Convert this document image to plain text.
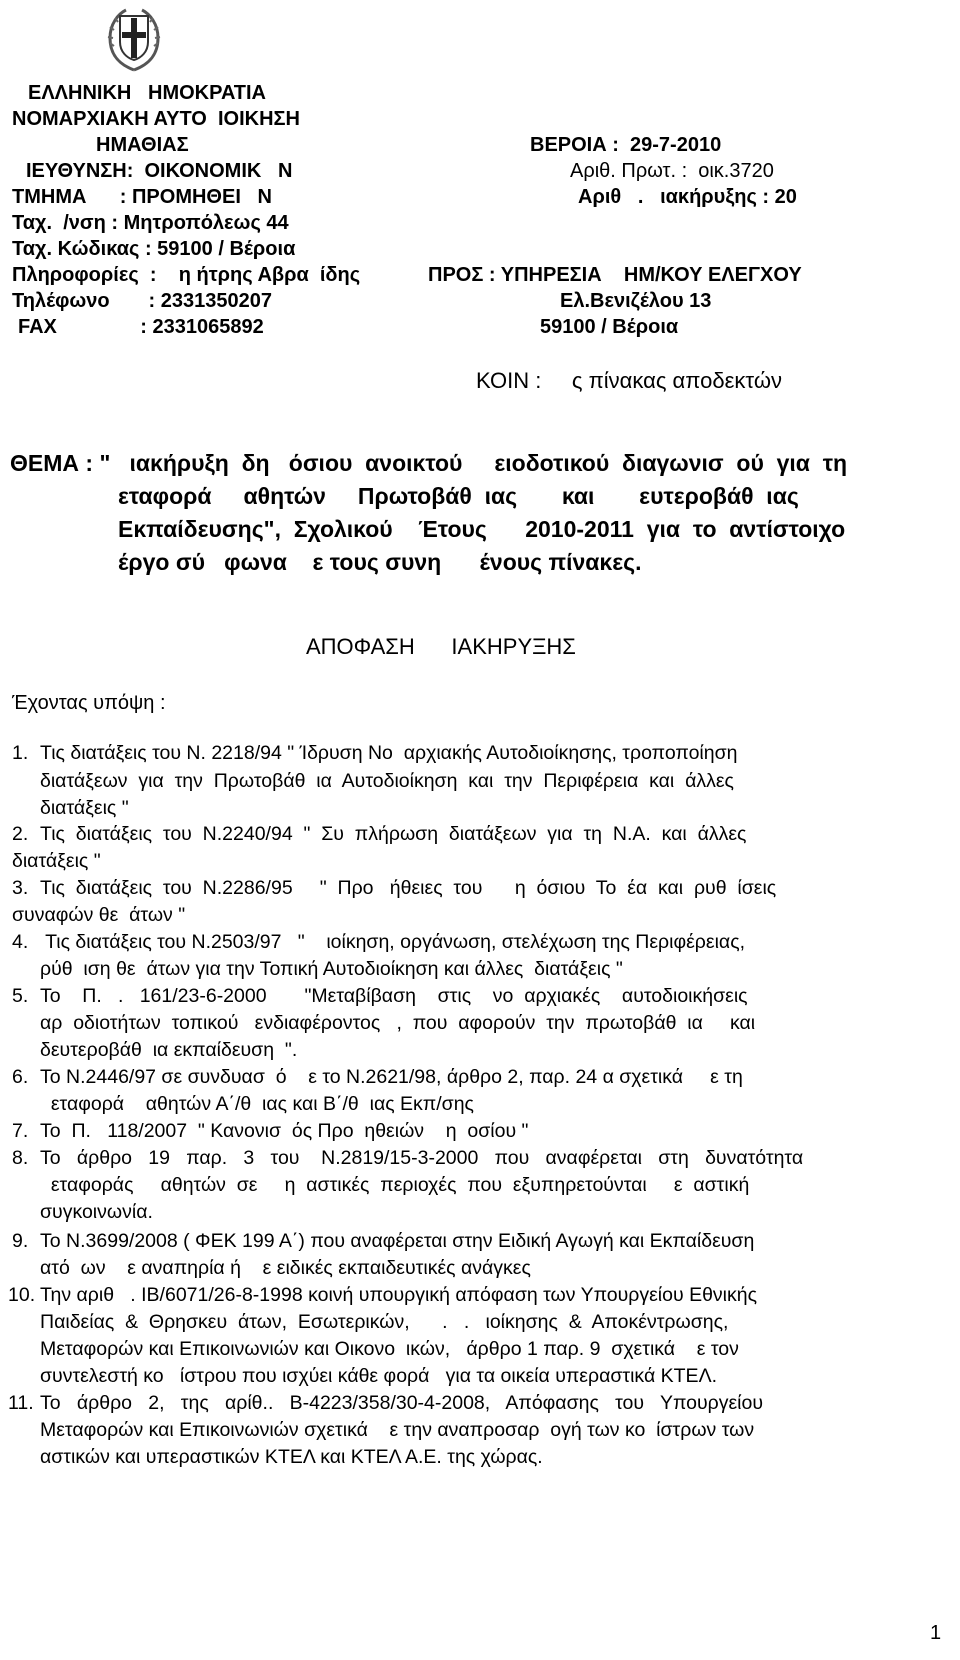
ΕΛΛΗΝΙΚΗ   ΗΜΟΚΡΑΤΙΑ
ΝΟΜΑΡΧΙΑΚΗ ΑΥΤΟ  ΙΟΙΚΗΣΗ
ΗΜΑΘΙΑΣ
ΙΕΥΘΥΝΣΗ:  ΟΙΚΟΝΟΜΙΚ   Ν
ΤΜΗΜΑ      : ΠΡΟΜΗΘΕΙ   Ν
Ταχ.  /νση : Μητροπόλεως 44
Ταχ. Κώδικας : 59100 / Βέροια
Πληροφορίες  :    η ήτρης Αβρα  ίδης
Τηλέφωνο       : 2331350207
FAX               : 2331065892
ΒΕΡΟΙΑ :  29-7-2010
Αριθ. Πρωτ. :  οικ.3720
Αριθ   .   ιακήρυξης : 20
ΠΡΟΣ : ΥΠΗΡΕΣΙΑ    ΗΜ/ΚΟΥ ΕΛΕΓΧΟΥ
Ελ.Βενιζέλου 13
59100 / Βέροια
ΚΟΙΝ :     ς πίνακας αποδεκτών
ΘΕΜΑ : "   ιακήρυξη  δη   όσιου  ανοικτού     ειοδοτικού  διαγωνισ  ού  για  τη
εταφορά     αθητών     Πρωτοβάθ  ιας       και       ευτεροβάθ  ιας
Εκπαίδευσης",  Σχολικού    Έτους      2010-2011  για  το  αντίστοιχο
έργο σύ   φωνα    ε τους συνη      ένους πίνακες.
ΑΠΟΦΑΣΗ      ΙΑΚΗΡΥΞΗΣ
Έχοντας υπόψη :
1. Τις διατάξεις του Ν. 2218/94 " Ίδρυση Νο  αρχιακής Αυτοδιοίκησης, τροποποίηση
διατάξεων  για  την  Πρωτοβάθ  ια  Αυτοδιοίκηση  και  την  Περιφέρεια  και  άλλες
διατάξεις "
2. Τις  διατάξεις  του  Ν.2240/94  "  Συ  πλήρωση  διατάξεων  για  τη  Ν.Α.  και  άλλες
διατάξεις "
3. Τις  διατάξεις  του  Ν.2286/95     "  Προ   ήθειες  του      η  όσιου  Το  έα  και  ρυθ  ίσεις
συναφών θε  άτων "
4. Τις διατάξεις του Ν.2503/97   "    ιοίκηση, οργάνωση, στελέχωση της Περιφέρειας,
ρύθ  ιση θε  άτων για την Τοπική Αυτοδιοίκηση και άλλες  διατάξεις "
5. Το    Π.   .   161/23-6-2000       "Μεταβίβαση    στις    νο  αρχιακές    αυτοδιοικήσεις
αρ  οδιοτήτων  τοπικού   ενδιαφέροντος   ,  που  αφορούν  την  πρωτοβάθ  ια     και
δευτεροβάθ  ια εκπαίδευση  ".
6. Το Ν.2446/97 σε συνδυασ  ό    ε το Ν.2621/98, άρθρο 2, παρ. 24 α σχετικά     ε τη
εταφορά    αθητών Α΄/θ  ιας και Β΄/θ  ιας Εκπ/σης
7. Το  Π.   118/2007  " Κανονισ  ός Προ  ηθειών    η  οσίου "
8. Το   άρθρο   19   παρ.   3   του    Ν.2819/15-3-2000   που   αναφέρεται   στη   δυνατότητα
εταφοράς     αθητών  σε     η  αστικές  περιοχές  που  εξυπηρετούνται     ε  αστική
συγκοινωνία.
9. Το Ν.3699/2008 ( ΦΕΚ 199 Α΄) που αναφέρεται στην Ειδική Αγωγή και Εκπαίδευση
ατό  ων    ε αναπηρία ή    ε ειδικές εκπαιδευτικές ανάγκες
10. Την αριθ   . ΙΒ/6071/26-8-1998 κοινή υπουργική απόφαση των Υπουργείου Εθνικής
Παιδείας  &  Θρησκευ  άτων,  Εσωτερικών,      .   .   ιοίκησης  &  Αποκέντρωσης,
Μεταφορών και Επικοινωνιών και Οικονο  ικών,   άρθρο 1 παρ. 9  σχετικά    ε τον
συντελεστή κο   ίστρου που ισχύει κάθε φορά   για τα οικεία υπεραστικά ΚΤΕΛ.
11. Το   άρθρο   2,   της   αρίθ..   Β-4223/358/30-4-2008,   Απόφασης   του   Υπουργείου
Μεταφορών και Επικοινωνιών σχετικά    ε την αναπροσαρ  ογή των κο  ίστρων των
αστικών και υπεραστικών ΚΤΕΛ και ΚΤΕΛ Α.Ε. της χώρας.
1
